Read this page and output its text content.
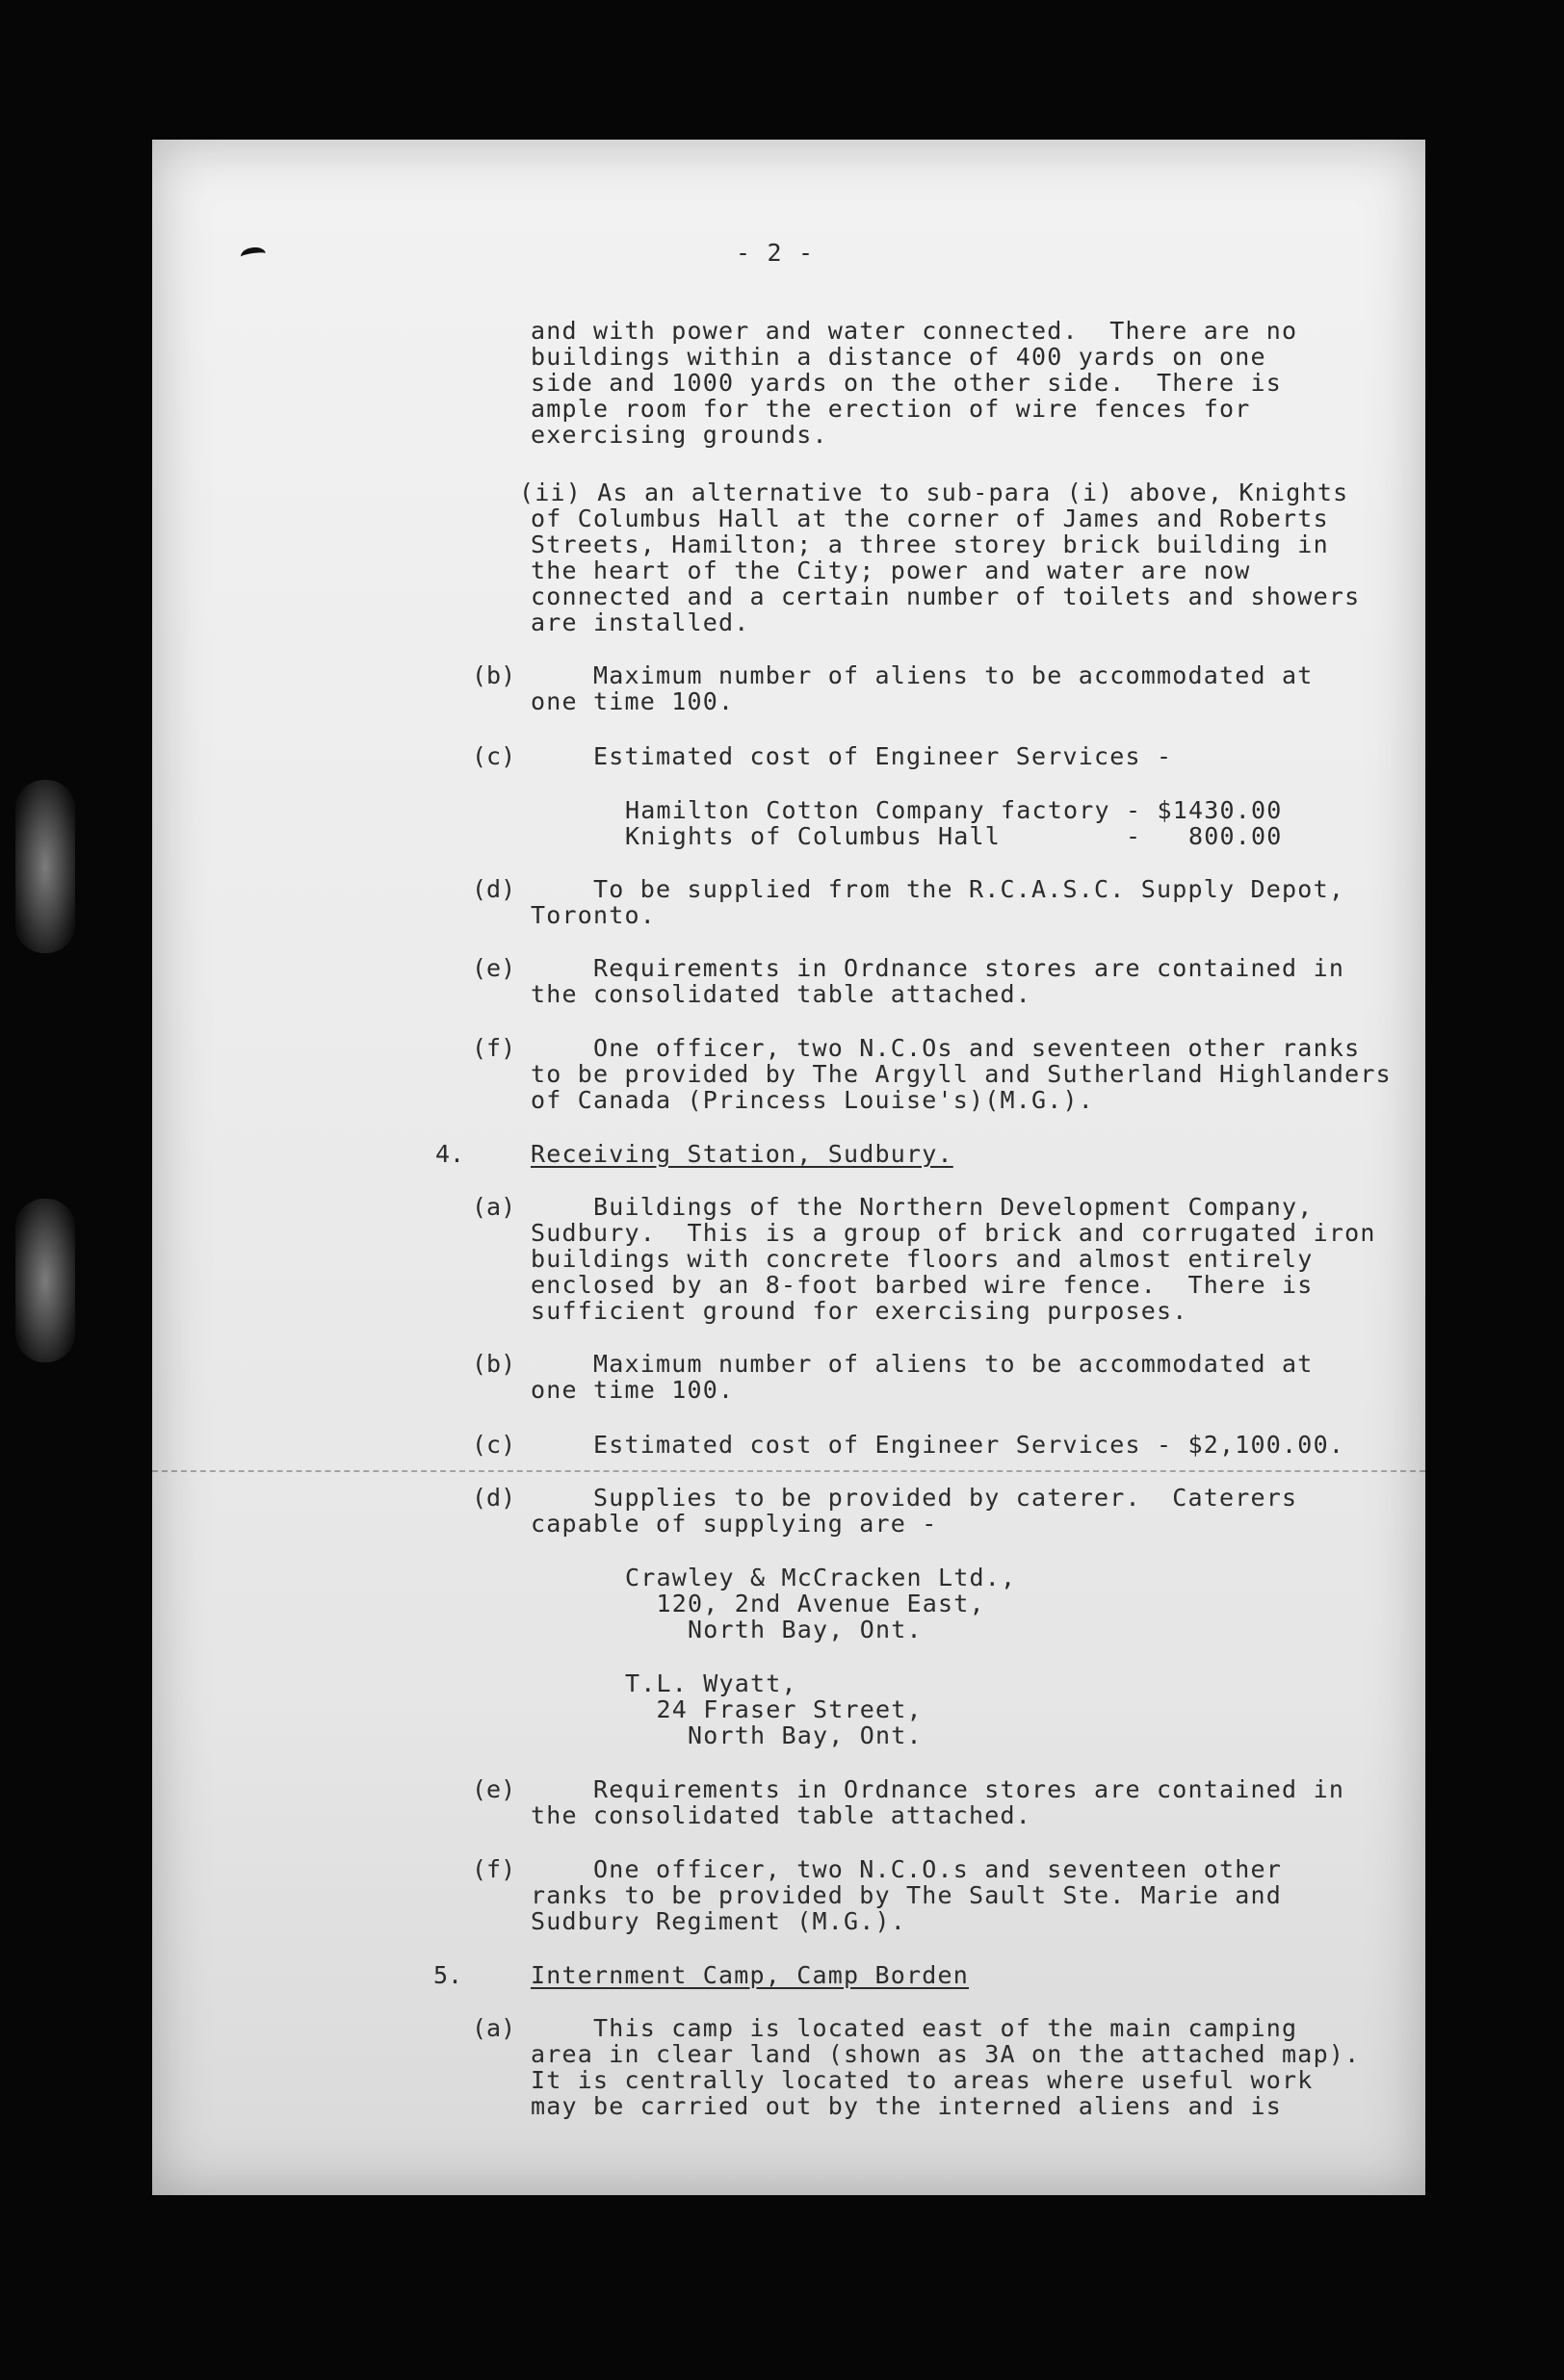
- 2 -

and with power and water connected.  There are no

buildings within a distance of 400 yards on one

side and 1000 yards on the other side.  There is

ample room for the erection of wire fences for

exercising grounds.

(ii) As an alternative to sub-para (i) above, Knights

of Columbus Hall at the corner of James and Roberts

Streets, Hamilton; a three storey brick building in

the heart of the City; power and water are now

connected and a certain number of toilets and showers

are installed.

(b) Maximum number of aliens to be accommodated at

one time 100.

(c) Estimated cost of Engineer Services -

Hamilton Cotton Company factory - $1430.00

Knights of Columbus Hall        -   800.00

(d) To be supplied from the R.C.A.S.C. Supply Depot,

Toronto.

(e) Requirements in Ordnance stores are contained in

the consolidated table attached.

(f) One officer, two N.C.Os and seventeen other ranks

to be provided by The Argyll and Sutherland Highlanders

of Canada (Princess Louise's)(M.G.).

4.	Receiving Station, Sudbury.

(a) Buildings of the Northern Development Company,

Sudbury.  This is a group of brick and corrugated iron

buildings with concrete floors and almost entirely

enclosed by an 8-foot barbed wire fence.  There is

sufficient ground for exercising purposes.

(b) Maximum number of aliens to be accommodated at

one time 100.

(c) Estimated cost of Engineer Services - $2,100.00.

(d) Supplies to be provided by caterer.  Caterers

capable of supplying are -

Crawley & McCracken Ltd.,

120, 2nd Avenue East,

North Bay, Ont.

T.L. Wyatt,

24 Fraser Street,

North Bay, Ont.

(e) Requirements in Ordnance stores are contained in

the consolidated table attached.

(f) One officer, two N.C.O.s and seventeen other

ranks to be provided by The Sault Ste. Marie and

Sudbury Regiment (M.G.).

5.	Internment Camp, Camp Borden

(a) This camp is located east of the main camping

area in clear land (shown as 3A on the attached map).

It is centrally located to areas where useful work

may be carried out by the interned aliens and is
